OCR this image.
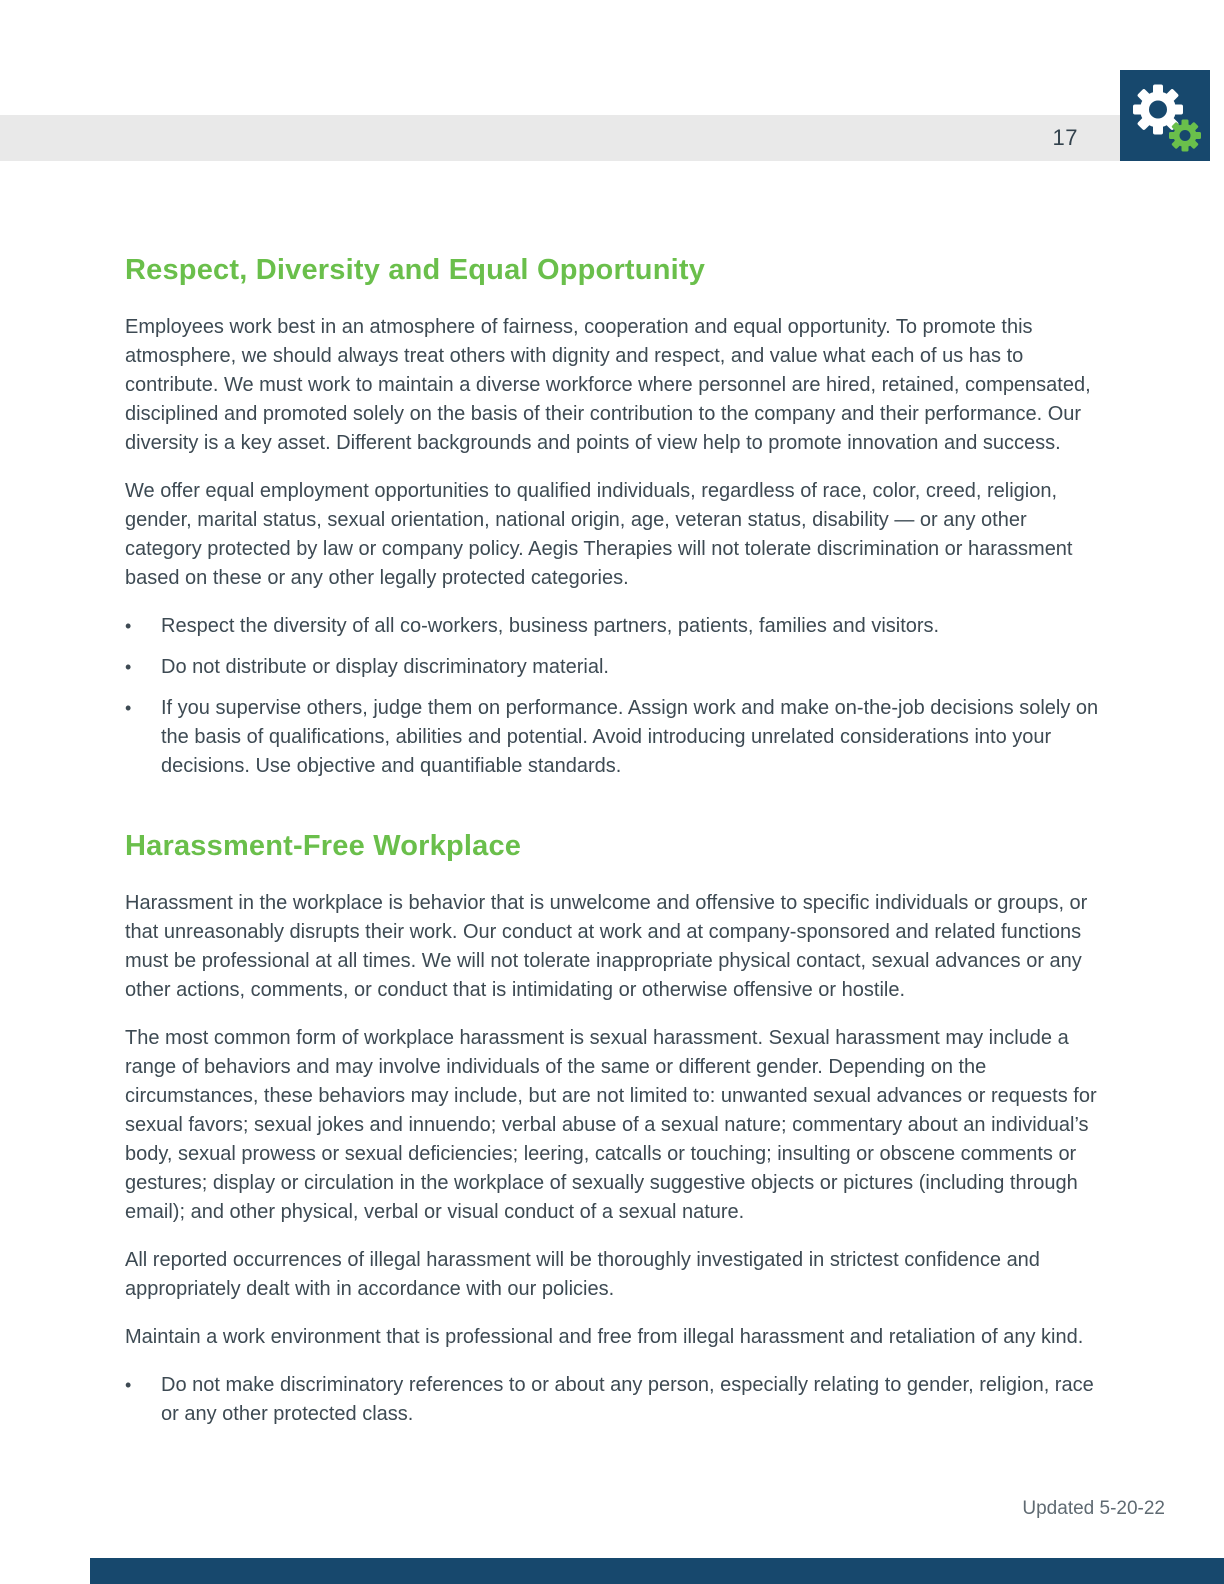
17
Respect, Diversity and Equal Opportunity

Employees work best in an atmosphere of fairness, cooperation and equal opportunity. To promote this atmosphere, we should always treat others with dignity and respect, and value what each of us has to contribute. We must work to maintain a diverse workforce where personnel are hired, retained, compensated, disciplined and promoted solely on the basis of their contribution to the company and their performance. Our diversity is a key asset. Different backgrounds and points of view help to promote innovation and success.

We offer equal employment opportunities to qualified individuals, regardless of race, color, creed, religion, gender, marital status, sexual orientation, national origin, age, veteran status, disability — or any other category protected by law or company policy. Aegis Therapies will not tolerate discrimination or harassment based on these or any other legally protected categories.

•	Respect the diversity of all co-workers, business partners, patients, families and visitors.
•	Do not distribute or display discriminatory material.
•	If you supervise others, judge them on performance. Assign work and make on-the-job decisions solely on the basis of qualifications, abilities and potential. Avoid introducing unrelated considerations into your decisions. Use objective and quantifiable standards.
Harassment-Free Workplace

Harassment in the workplace is behavior that is unwelcome and offensive to specific individuals or groups, or that unreasonably disrupts their work. Our conduct at work and at company-sponsored and related functions must be professional at all times. We will not tolerate inappropriate physical contact, sexual advances or any other actions, comments, or conduct that is intimidating or otherwise offensive or hostile.

The most common form of workplace harassment is sexual harassment. Sexual harassment may include a range of behaviors and may involve individuals of the same or different gender. Depending on the circumstances, these behaviors may include, but are not limited to: unwanted sexual advances or requests for sexual favors; sexual jokes and innuendo; verbal abuse of a sexual nature; commentary about an individual’s body, sexual prowess or sexual deficiencies; leering, catcalls or touching; insulting or obscene comments or gestures; display or circulation in the workplace of sexually suggestive objects or pictures (including through email); and other physical, verbal or visual conduct of a sexual nature.

All reported occurrences of illegal harassment will be thoroughly investigated in strictest confidence and appropriately dealt with in accordance with our policies.

Maintain a work environment that is professional and free from illegal harassment and retaliation of any kind.

•	Do not make discriminatory references to or about any person, especially relating to gender, religion, race or any other protected class.
Updated 5-20-22
